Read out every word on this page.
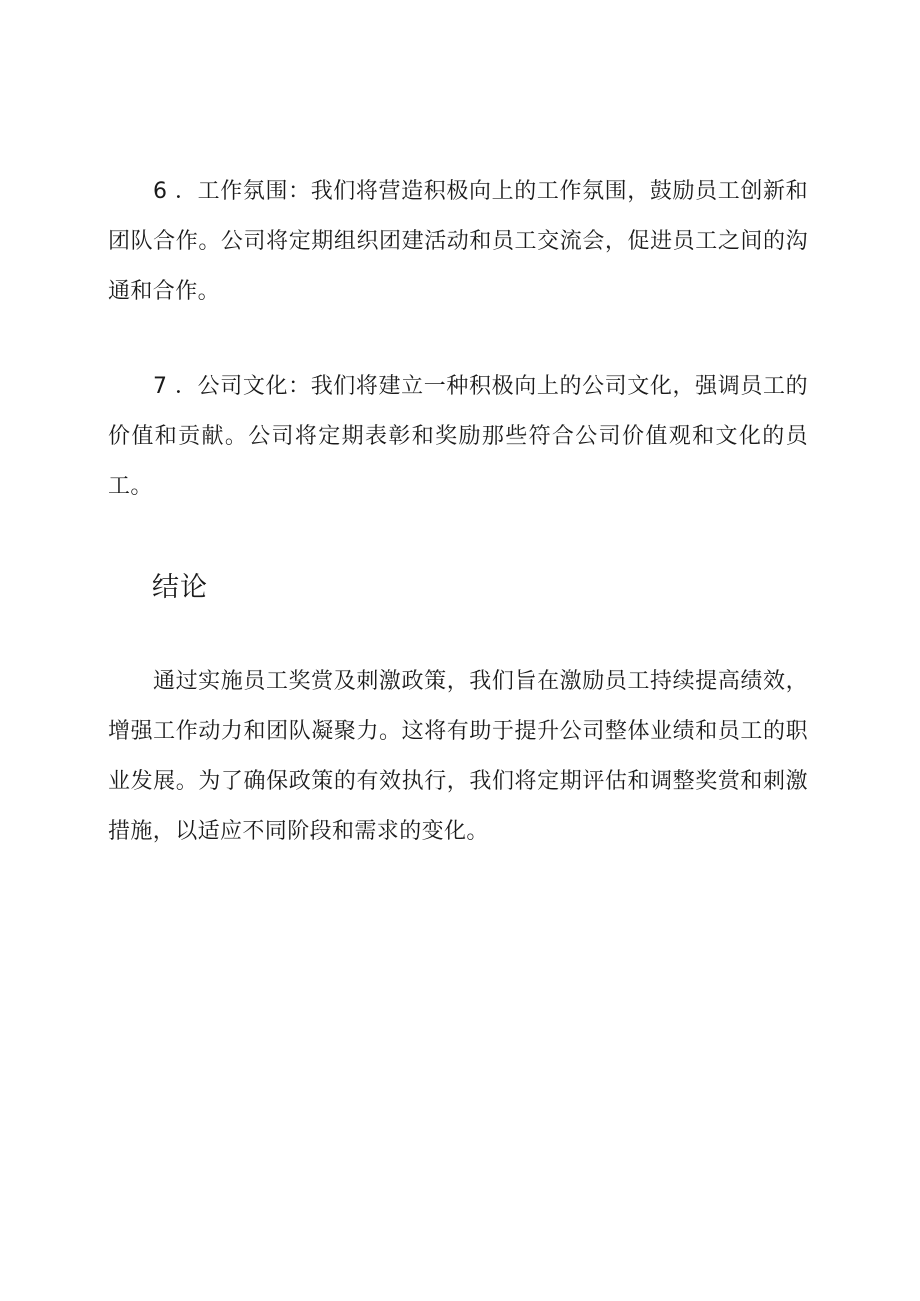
6 ．工作氛围：我们将营造积极向上的工作氛围，鼓励员工创新和团队合作。公司将定期组织团建活动和员工交流会，促进员工之间的沟通和合作。

7 ．公司文化：我们将建立一种积极向上的公司文化，强调员工的价值和贡献。公司将定期表彰和奖励那些符合公司价值观和文化的员工。

结论

通过实施员工奖赏及刺激政策，我们旨在激励员工持续提高绩效，增强工作动力和团队凝聚力。这将有助于提升公司整体业绩和员工的职业发展。为了确保政策的有效执行，我们将定期评估和调整奖赏和刺激措施，以适应不同阶段和需求的变化。
